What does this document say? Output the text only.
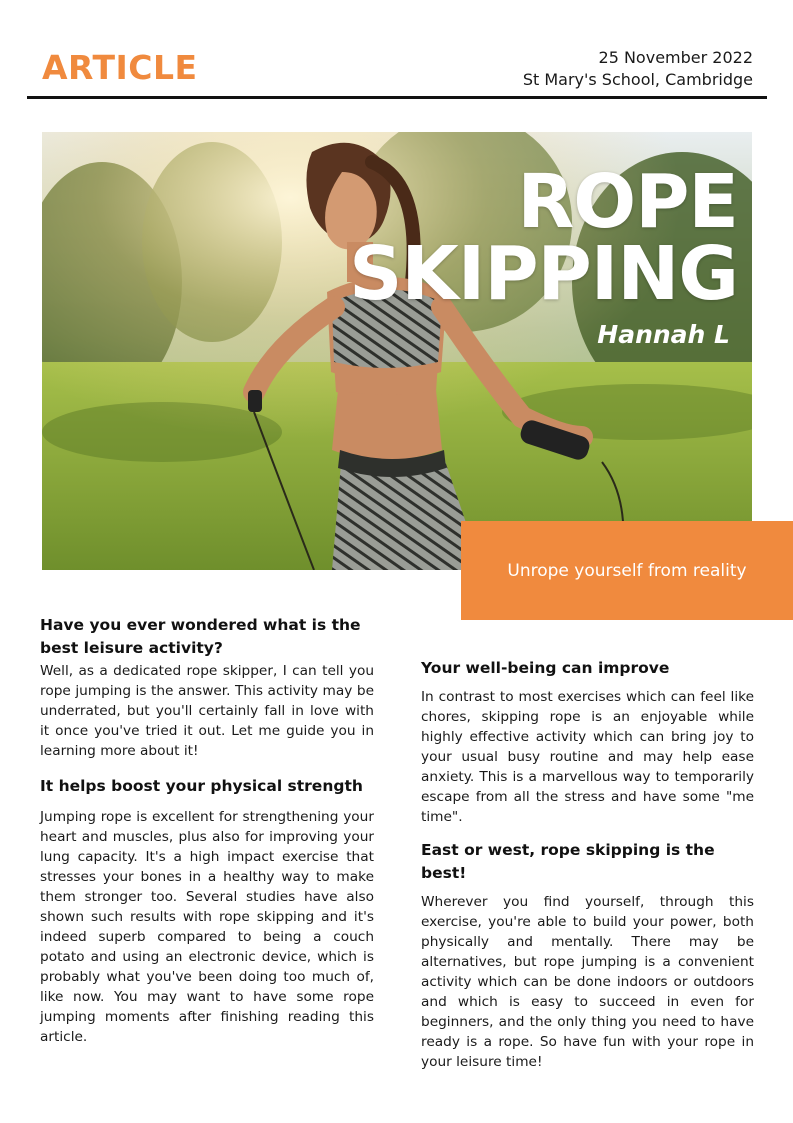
ARTICLE	25 November 2022
St Mary's School, Cambridge
ROPE
SKIPPING
Hannah L
Unrope yourself from reality
Have you ever wondered what is the best leisure activity?

Well, as a dedicated rope skipper, I can tell you rope jumping is the answer. This activity may be underrated, but you'll certainly fall in love with it once you've tried it out. Let me guide you in learning more about it!

It helps boost your physical strength

Jumping rope is excellent for strengthening your heart and muscles, plus also for improving your lung capacity. It's a high impact exercise that stresses your bones in a healthy way to make them stronger too. Several studies have also shown such results with rope skipping and it's indeed superb compared to being a couch potato and using an electronic device, which is probably what you've been doing too much of, like now. You may want to have some rope jumping moments after finishing reading this article.

Your well-being can improve

In contrast to most exercises which can feel like chores, skipping rope is an enjoyable while highly effective activity which can bring joy to your usual busy routine and may help ease anxiety. This is a marvellous way to temporarily escape from all the stress and have some "me time".

East or west, rope skipping is the best!

Wherever you find yourself, through this exercise, you're able to build your power, both physically and mentally. There may be alternatives, but rope jumping is a convenient activity which can be done indoors or outdoors and which is easy to succeed in even for beginners, and the only thing you need to have ready is a rope. So have fun with your rope in your leisure time!
